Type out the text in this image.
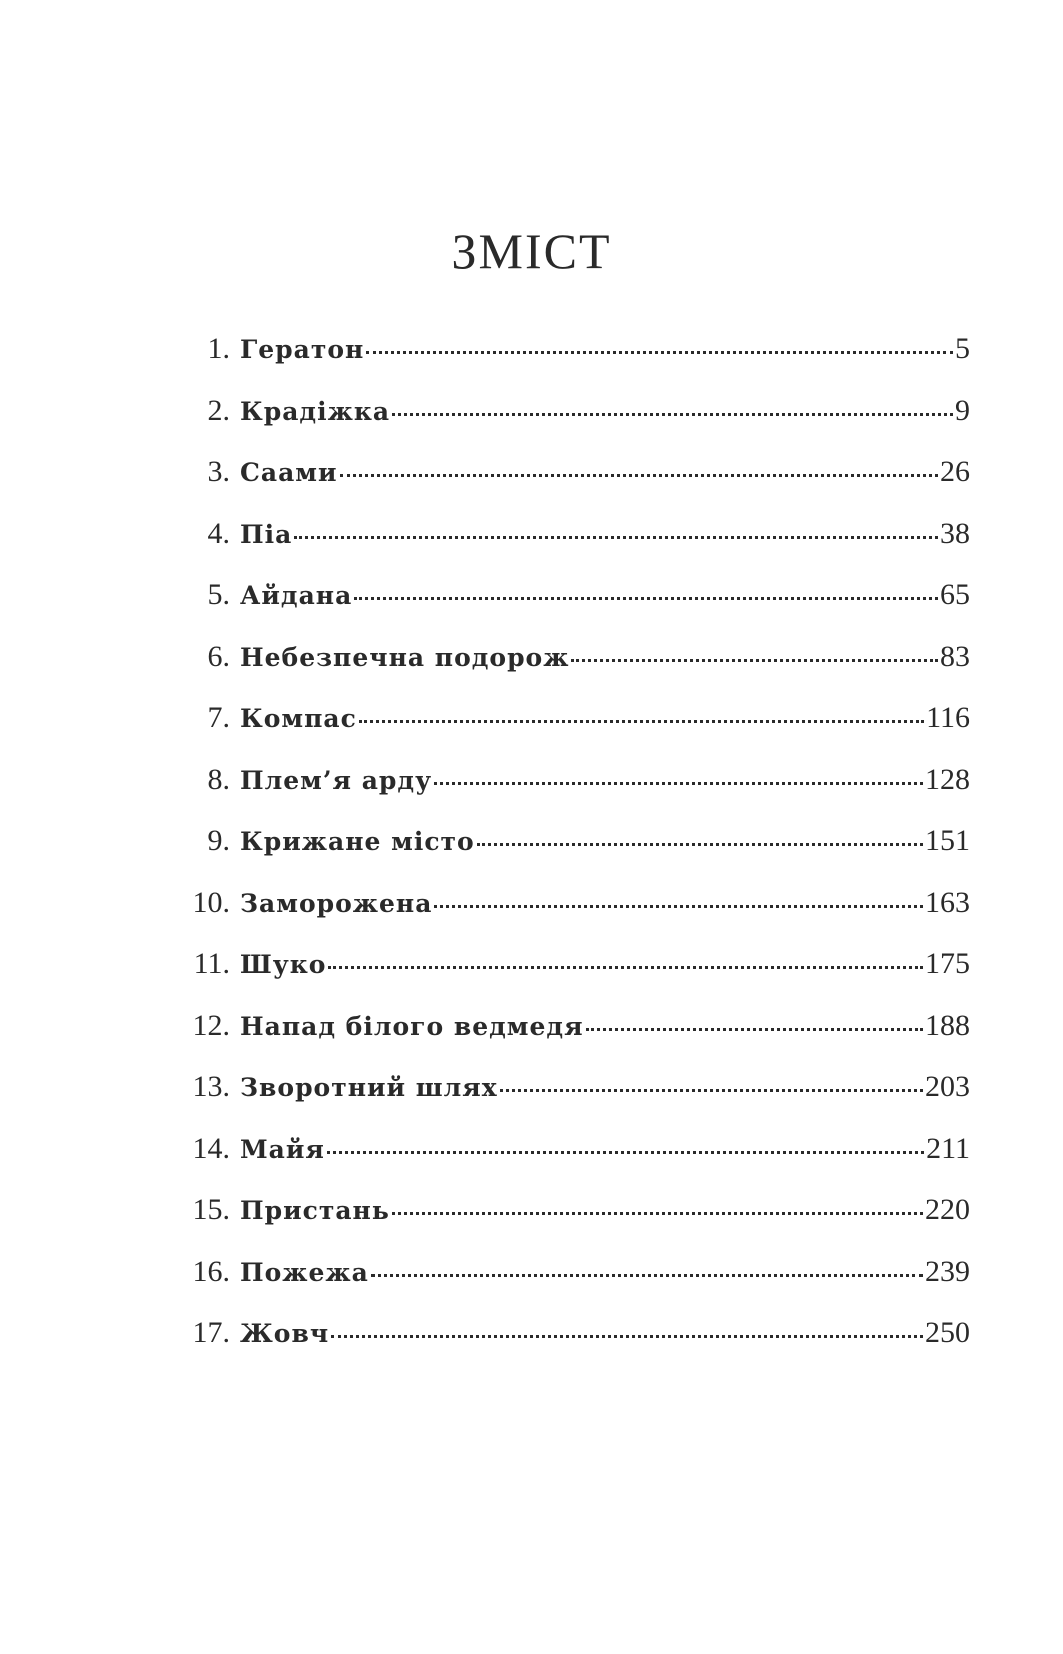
ЗМІСТ
1. Гератон	5
2. Крадіжка	9
3. Саами	26
4. Піа	38
5. Айдана	65
6. Небезпечна подорож	83
7. Компас	116
8. Плем’я арду	128
9. Крижане місто	151
10. Заморожена	163
11. Шуко	175
12. Напад білого ведмедя	188
13. Зворотний шлях	203
14. Майя	211
15. Пристань	220
16. Пожежа	239
17. Жовч	250
